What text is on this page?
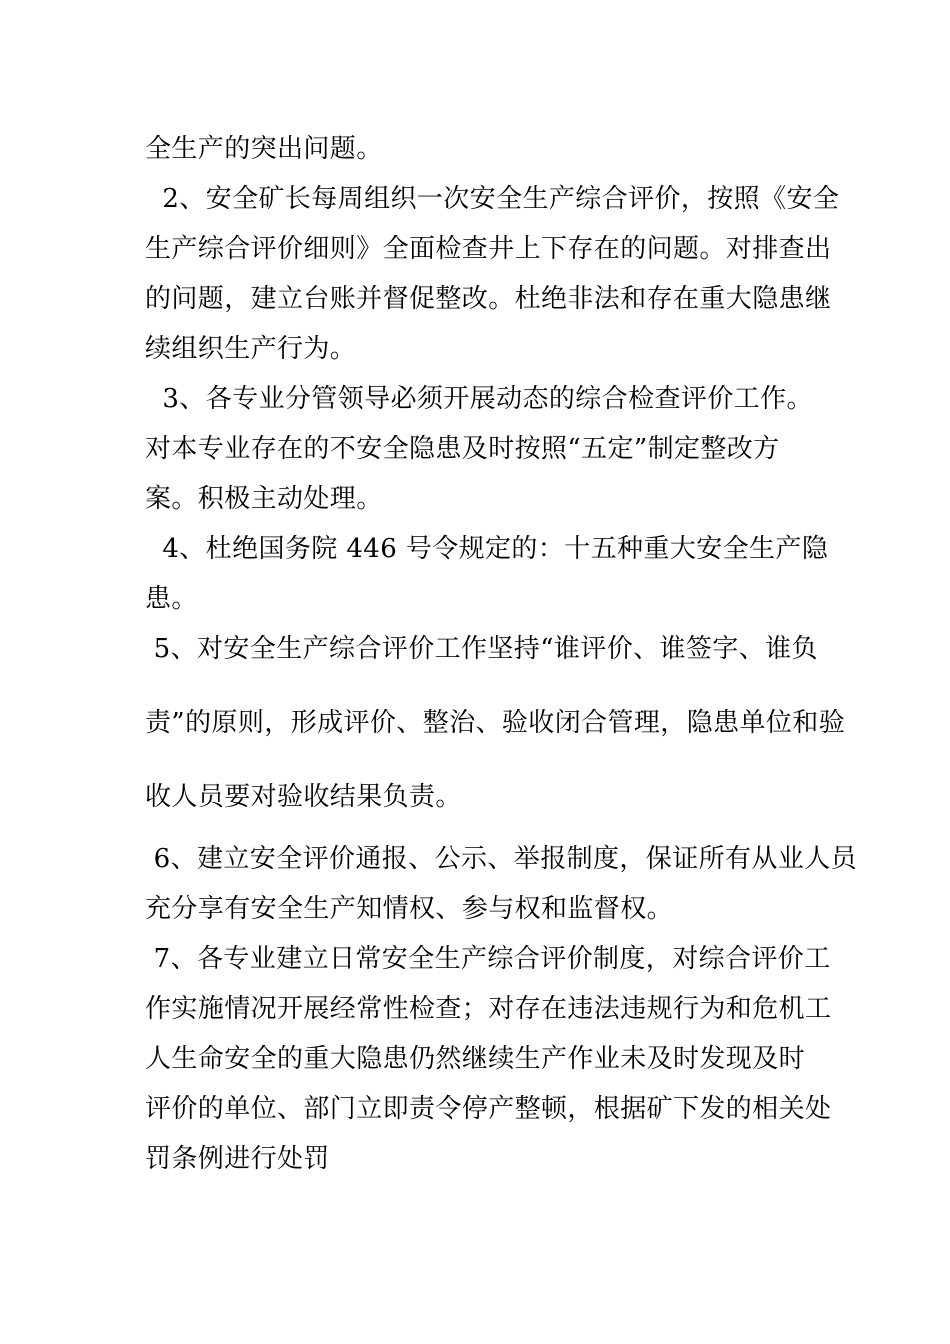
全生产的突出问题。
2、安全矿长每周组织一次安全生产综合评价，按照《安全
生产综合评价细则》全面检查井上下存在的问题。对排查出
的问题，建立台账并督促整改。杜绝非法和存在重大隐患继
续组织生产行为。
3、各专业分管领导必须开展动态的综合检查评价工作。
对本专业存在的不安全隐患及时按照“五定”制定整改方
案。积极主动处理。
4、杜绝国务院 446 号令规定的：十五种重大安全生产隐
患。
5、对安全生产综合评价工作坚持“谁评价、谁签字、谁负
责”的原则，形成评价、整治、验收闭合管理，隐患单位和验
收人员要对验收结果负责。
6、建立安全评价通报、公示、举报制度，保证所有从业人员
充分享有安全生产知情权、参与权和监督权。
7、各专业建立日常安全生产综合评价制度，对综合评价工
作实施情况开展经常性检查；对存在违法违规行为和危机工
人生命安全的重大隐患仍然继续生产作业未及时发现及时
评价的单位、部门立即责令停产整顿，根据矿下发的相关处
罚条例进行处罚
